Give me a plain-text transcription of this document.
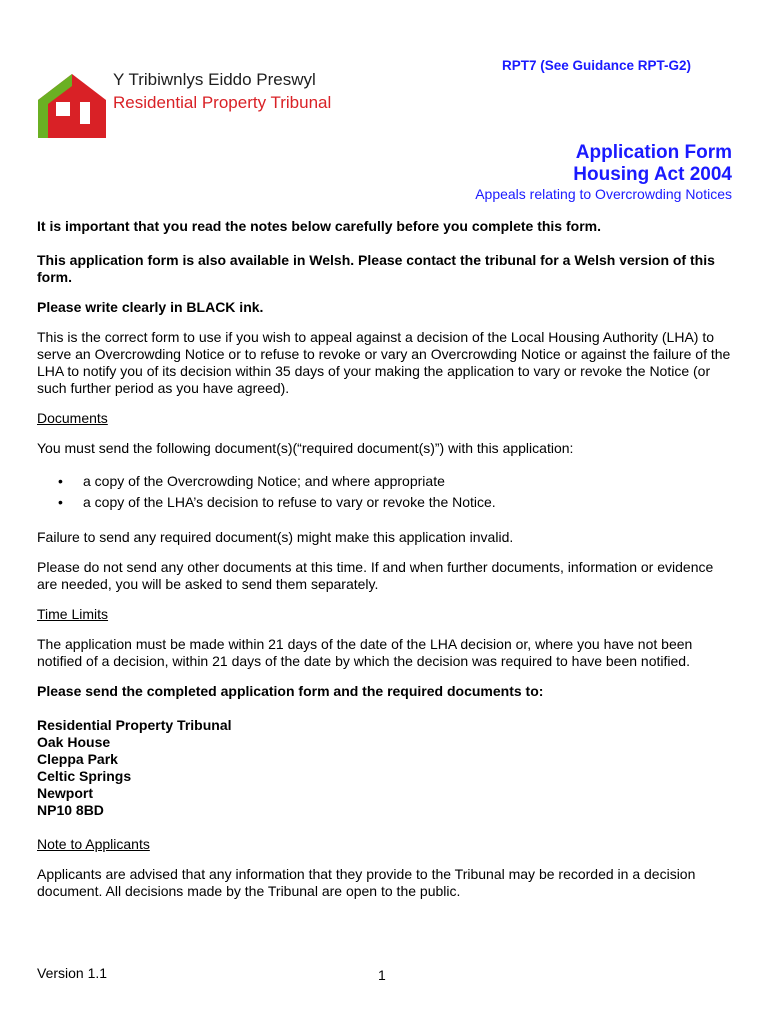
RPT7 (See Guidance RPT-G2)
Y Tribiwnlys Eiddo Preswyl
Residential Property Tribunal
Application Form
Housing Act 2004
Appeals relating to Overcrowding Notices

It is important that you read the notes below carefully before you complete this form.

This application form is also available in Welsh. Please contact the tribunal for a Welsh version of this form.

Please write clearly in BLACK ink.

This is the correct form to use if you wish to appeal against a decision of the Local Housing Authority (LHA) to serve an Overcrowding Notice or to refuse to revoke or vary an Overcrowding Notice or against the failure of the LHA to notify you of its decision within 35 days of your making the application to vary or revoke the Notice (or such further period as you have agreed).

Documents

You must send the following document(s)(“required document(s)”) with this application:

• a copy of the Overcrowding Notice; and where appropriate
• a copy of the LHA’s decision to refuse to vary or revoke the Notice.

Failure to send any required document(s) might make this application invalid.

Please do not send any other documents at this time. If and when further documents, information or evidence are needed, you will be asked to send them separately.

Time Limits

The application must be made within 21 days of the date of the LHA decision or, where you have not been notified of a decision, within 21 days of the date by which the decision was required to have been notified.

Please send the completed application form and the required documents to:

Residential Property Tribunal
Oak House
Cleppa Park
Celtic Springs
Newport
NP10 8BD

Note to Applicants

Applicants are advised that any information that they provide to the Tribunal may be recorded in a decision document. All decisions made by the Tribunal are open to the public.

Version 1.1	1
